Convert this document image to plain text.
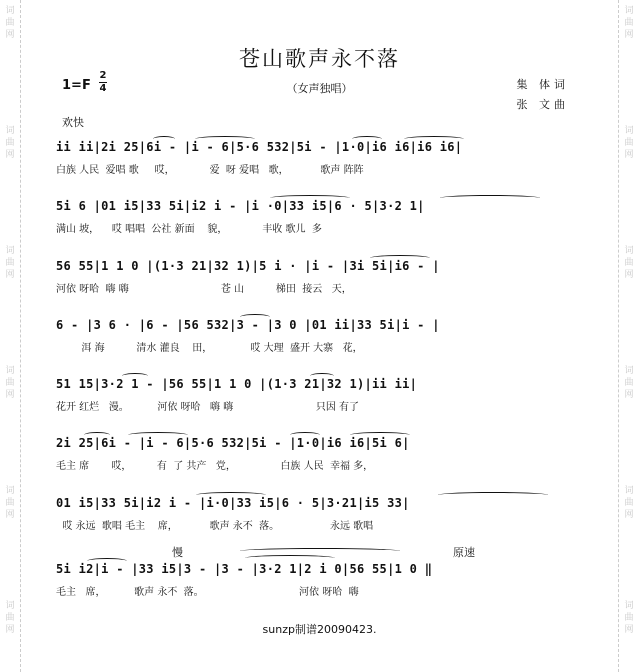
词曲网
词曲网
词曲网
词曲网
词曲网
词曲网
词曲网
词曲网
词曲网
词曲网
词曲网
词曲网
苍山歌声永不落
（女声独唱）
1=F
2
4	集 体词
张 文曲
欢快
ii ii|2i 25|6i - |i - 6|5·6 532|5i - |1·0|i6 i6|i6 i6|
白族 人民  爱唱 歌     哎，           爱  呀 爱唱   歌，          歌声 阵阵
5i 6 |01 i5|33 5i|i2 i - |i ·0|33 i5|6 · 5|3·2 1|
满山 坡，    哎 唱唱  公社 新面    貌，           丰收 歌儿  多
56 55|1 1 0 |(1·3 21|32 1)|5 i · |i - |3i 5i|i6 - |
河依 呀哈  嗨 嗨                             苍 山          梯田  接云   天，
6 - |3 6 · |6 - |56 532|3 - |3 0 |01 ii|33 5i|i - |
洱 海          清水 灌良    田，            哎 大理  盛开 大寨   花，
51 15|3·2 1 - |56 55|1 1 0 |(1·3 21|32 1)|ii ii|
花开 红烂   漫。         河依 呀哈   嗨 嗨                          只因 有了
2i 25|6i - |i - 6|5·6 532|5i - |1·0|i6 i6|5i 6|
毛主 席       哎，        有  了 共产   党，              白族 人民  幸福 多，
01 i5|33 5i|i2 i - |i·0|33 i5|6 · 5|3·21|i5 33|
哎 永远  歌唱 毛主    席，          歌声 永不  落。                永远 歌唱
慢	原速
5i i2|i - |33 i5|3 - |3 - |3·2 1|2 i 0|56 55|1 0 ‖
毛主   席，         歌声 永不  落。                              河依 呀哈  嗨
sunzp制谱20090423.
